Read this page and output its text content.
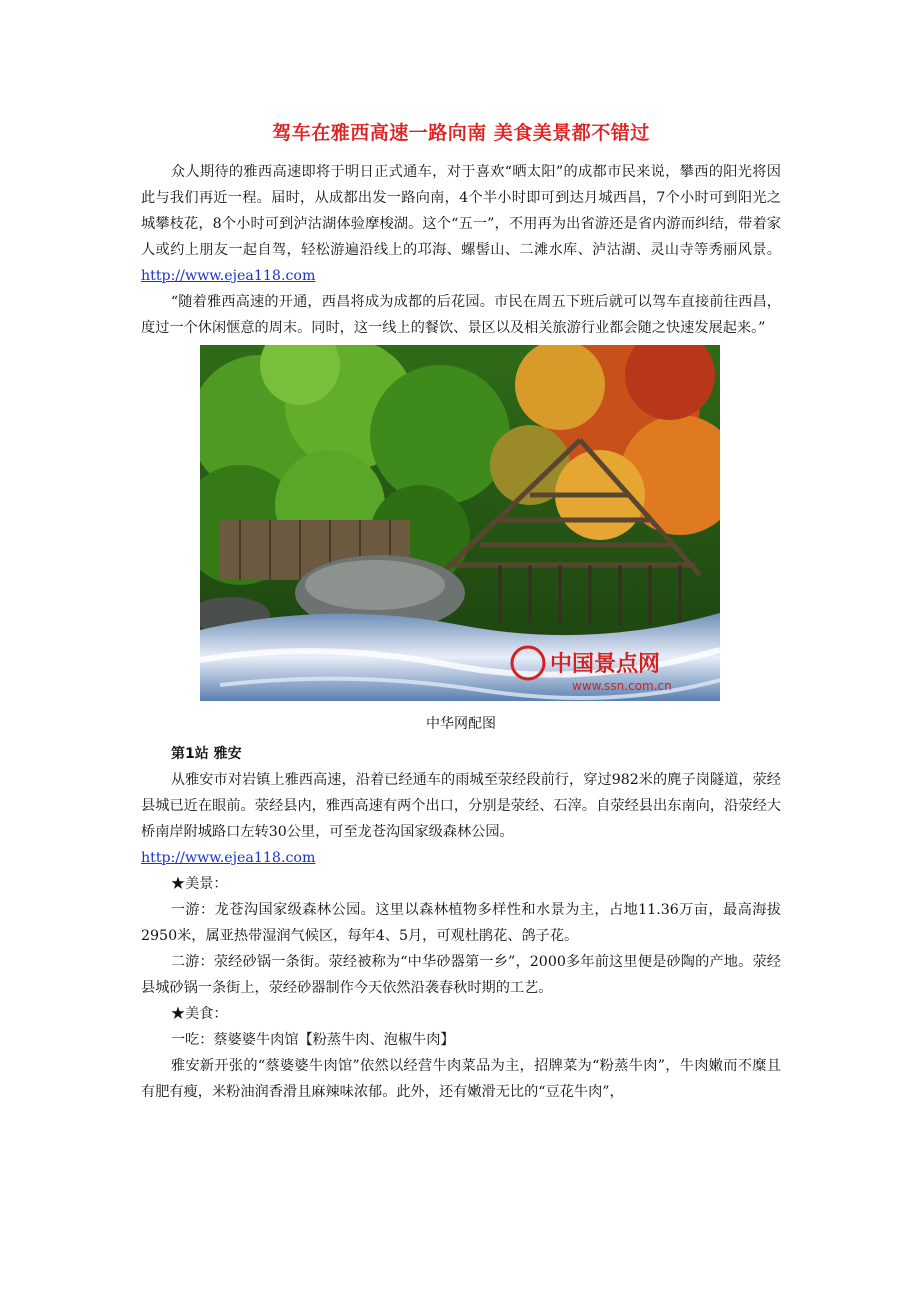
驾车在雅西高速一路向南 美食美景都不错过

众人期待的雅西高速即将于明日正式通车，对于喜欢“晒太阳”的成都市民来说，攀西的阳光将因此与我们再近一程。届时，从成都出发一路向南，4个半小时即可到达月城西昌，7个小时可到阳光之城攀枝花，8个小时可到泸沽湖体验摩梭湖。这个“五一”，不用再为出省游还是省内游而纠结，带着家人或约上朋友一起自驾，轻松游遍沿线上的邛海、螺髻山、二滩水库、泸沽湖、灵山寺等秀丽风景。http://www.ejea118.com

“随着雅西高速的开通，西昌将成为成都的后花园。市民在周五下班后就可以驾车直接前往西昌，度过一个休闲惬意的周末。同时，这一线上的餐饮、景区以及相关旅游行业都会随之快速发展起来。”

中国景点网
www.ssn.com.cn
中华网配图

第1站 雅安

从雅安市对岩镇上雅西高速，沿着已经通车的雨城至荥经段前行，穿过982米的麂子岗隧道，荥经县城已近在眼前。荥经县内，雅西高速有两个出口，分别是荥经、石滓。自荥经县出东南向，沿荥经大桥南岸附城路口左转30公里，可至龙苍沟国家级森林公园。

http://www.ejea118.com

★美景：

一游：龙苍沟国家级森林公园。这里以森林植物多样性和水景为主，占地11.36万亩，最高海拔2950米，属亚热带湿润气候区，每年4、5月，可观杜鹃花、鸽子花。

二游：荥经砂锅一条街。荥经被称为“中华砂器第一乡”，2000多年前这里便是砂陶的产地。荥经县城砂锅一条街上，荥经砂器制作今天依然沿袭春秋时期的工艺。

★美食：

一吃：蔡婆婆牛肉馆【粉蒸牛肉、泡椒牛肉】

雅安新开张的“蔡婆婆牛肉馆”依然以经营牛肉菜品为主，招牌菜为“粉蒸牛肉”，牛肉嫩而不糜且有肥有瘦，米粉油润香滑且麻辣味浓郁。此外，还有嫩滑无比的“豆花牛肉”，
